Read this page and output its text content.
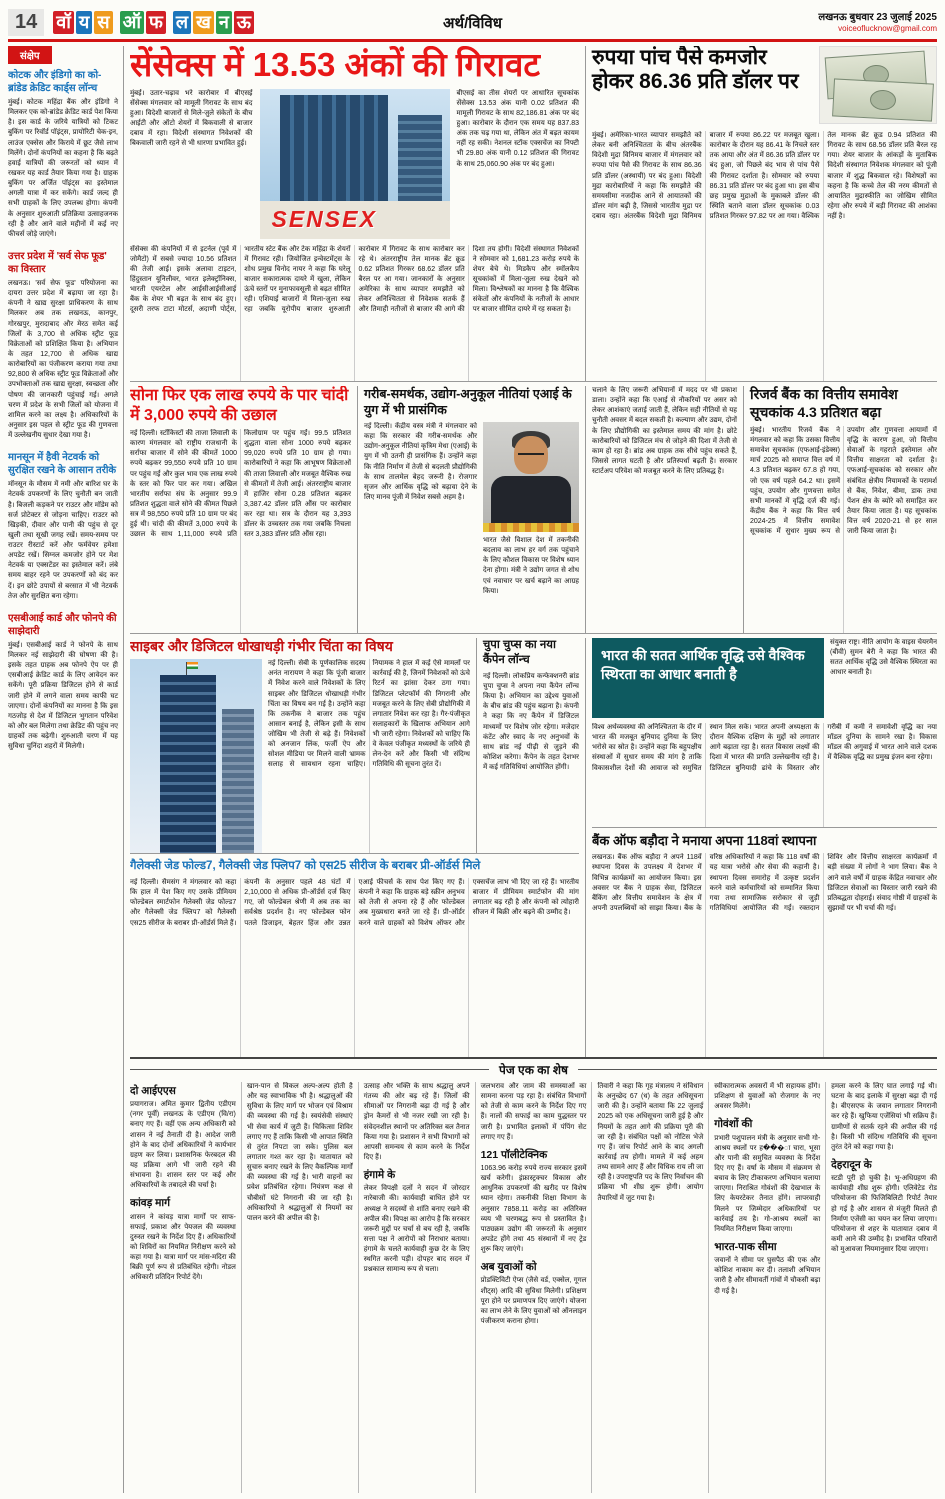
14	वॉ य स
ऑ फ
ल ख न ऊ	अर्थ/विविध	लखनऊ बुधवार 23 जुलाई 2025
voiceoflucknow@gmail.com
संक्षेप
कोटक और इंडिगो का को-ब्रांडेड क्रेडिट कार्ड्स लॉन्च
मुंबई। कोटक महिंद्रा बैंक और इंडिगो ने मिलकर एक को-ब्रांडेड क्रेडिट कार्ड पेश किया है। इस कार्ड के जरिये यात्रियों को टिकट बुकिंग पर रिवॉर्ड पॉइंट्स, प्रायोरिटी चेक-इन, लाउंज एक्सेस और किराये में छूट जैसे लाभ मिलेंगे। दोनों कंपनियों का कहना है कि बढ़ते हवाई यात्रियों की जरूरतों को ध्यान में रखकर यह कार्ड तैयार किया गया है। ग्राहक बुकिंग पर अर्जित पॉइंट्स का इस्तेमाल अगली यात्रा में कर सकेंगे। कार्ड जल्द ही सभी ग्राहकों के लिए उपलब्ध होगा। कंपनी के अनुसार शुरुआती प्रतिक्रिया उत्साहजनक रही है और आने वाले महीनों में कई नए फीचर्स जोड़े जाएंगे।
उत्तर प्रदेश में 'सर्व सेफ फूड' का विस्तार
लखनऊ। 'सर्व सेफ फूड' परियोजना का दायरा उत्तर प्रदेश में बढ़ाया जा रहा है। कंपनी ने खाद्य सुरक्षा प्राधिकरण के साथ मिलकर अब तक लखनऊ, कानपुर, गोरखपुर, मुरादाबाद और मेरठ समेत कई जिलों के 3,700 से अधिक स्ट्रीट फूड विक्रेताओं को प्रशिक्षित किया है। अभियान के तहत 12,700 से अधिक खाद्य कारोबारियों का पंजीकरण कराया गया तथा 92,800 से अधिक स्ट्रीट फूड विक्रेताओं और उपभोक्ताओं तक खाद्य सुरक्षा, स्वच्छता और पोषण की जानकारी पहुंचाई गई। अगले चरण में प्रदेश के सभी जिलों को योजना में शामिल करने का लक्ष्य है। अधिकारियों के अनुसार इस पहल से स्ट्रीट फूड की गुणवत्ता में उल्लेखनीय सुधार देखा गया है।
मानसून में हैवी नेटवर्क को सुरक्षित रखने के आसान तरीके
मॉनसून के मौसम में नमी और बारिश घर के नेटवर्क उपकरणों के लिए चुनौती बन जाती है। बिजली कड़कने पर राउटर और मॉडेम को सर्ज प्रोटेक्टर से जोड़ना चाहिए। राउटर को खिड़की, दीवार और पानी की पहुंच से दूर खुली तथा सूखी जगह रखें। समय-समय पर राउटर रीस्टार्ट करें और फर्मवेयर हमेशा अपडेट रखें। सिग्नल कमजोर होने पर मेश नेटवर्क या एक्सटेंडर का इस्तेमाल करें। लंबे समय बाहर रहने पर उपकरणों को बंद कर दें। इन छोटे उपायों से बरसात में भी नेटवर्क तेज और सुरक्षित बना रहेगा।
एसबीआई कार्ड और फोनपे की साझेदारी
मुंबई। एसबीआई कार्ड ने फोनपे के साथ मिलकर नई साझेदारी की घोषणा की है। इसके तहत ग्राहक अब फोनपे ऐप पर ही एसबीआई क्रेडिट कार्ड के लिए आवेदन कर सकेंगे। पूरी प्रक्रिया डिजिटल होने से कार्ड जारी होने में लगने वाला समय काफी घट जाएगा। दोनों कंपनियों का मानना है कि इस गठजोड़ से देश में डिजिटल भुगतान परिवेश को और बल मिलेगा तथा क्रेडिट की पहुंच नए ग्राहकों तक बढ़ेगी। शुरुआती चरण में यह सुविधा चुनिंदा शहरों में मिलेगी।
सेंसेक्स में 13.53 अंकों की गिरावट
मुंबई। उतार-चढ़ाव भरे कारोबार में बीएसई सेंसेक्स मंगलवार को मामूली गिरावट के साथ बंद हुआ। विदेशी बाजारों से मिले-जुले संकेतों के बीच आईटी और ऑटो शेयरों में बिकवाली से बाजार दबाव में रहा। विदेशी संस्थागत निवेशकों की बिकवाली जारी रहने से भी धारणा प्रभावित हुई।
SENSEX
बीएसई का तीस शेयरों पर आधारित सूचकांक सेंसेक्स 13.53 अंक यानी 0.02 प्रतिशत की मामूली गिरावट के साथ 82,186.81 अंक पर बंद हुआ। कारोबार के दौरान एक समय यह 837.83 अंक तक चढ़ गया था, लेकिन अंत में बढ़त कायम नहीं रह सकी। नेशनल स्टॉक एक्सचेंज का निफ्टी भी 29.80 अंक यानी 0.12 प्रतिशत की गिरावट के साथ 25,060.90 अंक पर बंद हुआ।
सेंसेक्स की कंपनियों में से इटर्नल (पूर्व में जोमैटो) में सबसे ज्यादा 10.56 प्रतिशत की तेजी आई। इसके अलावा टाइटन, हिंदुस्तान यूनिलीवर, भारत इलेक्ट्रॉनिक्स, भारती एयरटेल और आईसीआईसीआई बैंक के शेयर भी बढ़त के साथ बंद हुए। दूसरी तरफ टाटा मोटर्स, अदाणी पोर्ट्स, भारतीय स्टेट बैंक और टेक महिंद्रा के शेयरों में गिरावट रही। जियोजित इन्वेस्टमेंट्स के शोध प्रमुख विनोद नायर ने कहा कि घरेलू बाजार सकारात्मक दायरे में खुला, लेकिन ऊंचे स्तरों पर मुनाफावसूली से बढ़त सीमित रही। एशियाई बाजारों में मिला-जुला रुख रहा जबकि यूरोपीय बाजार शुरुआती कारोबार में गिरावट के साथ कारोबार कर रहे थे। अंतरराष्ट्रीय तेल मानक ब्रेंट क्रूड 0.62 प्रतिशत गिरकर 68.62 डॉलर प्रति बैरल पर आ गया। जानकारों के अनुसार अमेरिका के साथ व्यापार समझौते को लेकर अनिश्चितता से निवेशक सतर्क हैं और तिमाही नतीजों से बाजार की आगे की दिशा तय होगी। विदेशी संस्थागत निवेशकों ने सोमवार को 1,681.23 करोड़ रुपये के शेयर बेचे थे। मिडकैप और स्मॉलकैप सूचकांकों में मिला-जुला रुख देखने को मिला। विश्लेषकों का मानना है कि वैश्विक संकेतों और कंपनियों के नतीजों के आधार पर बाजार सीमित दायरे में रह सकता है।
रुपया पांच पैसे कमजोर होकर 86.36 प्रति डॉलर पर
मुंबई। अमेरिका-भारत व्यापार समझौते को लेकर बनी अनिश्चितता के बीच अंतरबैंक विदेशी मुद्रा विनिमय बाजार में मंगलवार को रुपया पांच पैसे की गिरावट के साथ 86.36 प्रति डॉलर (अस्थायी) पर बंद हुआ। विदेशी मुद्रा कारोबारियों ने कहा कि समझौते की समयसीमा नजदीक आने से आयातकों की डॉलर मांग बढ़ी है, जिससे भारतीय मुद्रा पर दबाव रहा। अंतरबैंक विदेशी मुद्रा विनिमय बाजार में रुपया 86.22 पर मजबूत खुला। कारोबार के दौरान यह 86.41 के निचले स्तर तक आया और अंत में 86.36 प्रति डॉलर पर बंद हुआ, जो पिछले बंद भाव से पांच पैसे की गिरावट दर्शाता है। सोमवार को रुपया 86.31 प्रति डॉलर पर बंद हुआ था। इस बीच छह प्रमुख मुद्राओं के मुकाबले डॉलर की स्थिति बताने वाला डॉलर सूचकांक 0.03 प्रतिशत गिरकर 97.82 पर आ गया। वैश्विक तेल मानक ब्रेंट क्रूड 0.94 प्रतिशत की गिरावट के साथ 68.56 डॉलर प्रति बैरल रह गया। शेयर बाजार के आंकड़ों के मुताबिक विदेशी संस्थागत निवेशक मंगलवार को पूंजी बाजार में शुद्ध बिकवाल रहे। विशेषज्ञों का कहना है कि कच्चे तेल की नरम कीमतों से आयातित मुद्रास्फीति का जोखिम सीमित रहेगा और रुपये में बड़ी गिरावट की आशंका नहीं है।
सोना फिर एक लाख रुपये के पार चांदी में 3,000 रुपये की उछाल
नई दिल्ली। स्टॉकिस्टों की ताजा लिवाली के कारण मंगलवार को राष्ट्रीय राजधानी के सर्राफा बाजार में सोने की कीमतें 1000 रुपये बढ़कर 99,550 रुपये प्रति 10 ग्राम पर पहुंच गईं और कुल भाव एक लाख रुपये के स्तर को फिर पार कर गया। अखिल भारतीय सर्राफा संघ के अनुसार 99.9 प्रतिशत शुद्धता वाले सोने की कीमत पिछले सत्र में 98,550 रुपये प्रति 10 ग्राम पर बंद हुई थी। चांदी की कीमतें 3,000 रुपये के उछाल के साथ 1,11,000 रुपये प्रति किलोग्राम पर पहुंच गईं। 99.5 प्रतिशत शुद्धता वाला सोना 1000 रुपये बढ़कर 99,020 रुपये प्रति 10 ग्राम हो गया। कारोबारियों ने कहा कि आभूषण विक्रेताओं की ताजा लिवाली और मजबूत वैश्विक रुख से कीमतों में तेजी आई। अंतरराष्ट्रीय बाजार में हाजिर सोना 0.28 प्रतिशत बढ़कर 3,387.42 डॉलर प्रति औंस पर कारोबार कर रहा था। सत्र के दौरान यह 3,393 डॉलर के उच्चस्तर तक गया जबकि निचला स्तर 3,383 डॉलर प्रति औंस रहा।
गरीब-समर्थक, उद्योग-अनुकूल नीतियां एआई के युग में भी प्रासंगिक
नई दिल्ली। केंद्रीय वस्त्र मंत्री ने मंगलवार को कहा कि सरकार की गरीब-समर्थक और उद्योग-अनुकूल नीतियां कृत्रिम मेधा (एआई) के युग में भी उतनी ही प्रासंगिक हैं। उन्होंने कहा कि नीति निर्माण में तेजी से बदलती प्रौद्योगिकी के साथ तालमेल बेहद जरूरी है। रोजगार सृजन और आर्थिक वृद्धि को बढ़ावा देने के लिए मानव पूंजी में निवेश सबसे अहम है।
भारत जैसे विशाल देश में तकनीकी बदलाव का लाभ हर वर्ग तक पहुंचाने के लिए कौशल विकास पर विशेष ध्यान देना होगा। मंत्री ने उद्योग जगत से शोध एवं नवाचार पर खर्च बढ़ाने का आग्रह किया।
चलाने के लिए जरूरी अभियानों में मदद पर भी प्रकाश डाला। उन्होंने कहा कि एआई से नौकरियों पर असर को लेकर आशंकाएं जताई जाती हैं, लेकिन सही नीतियों से यह चुनौती अवसर में बदल सकती है। कल्याण और उद्यम, दोनों के लिए प्रौद्योगिकी का इस्तेमाल समय की मांग है। छोटे कारोबारियों को डिजिटल मंच से जोड़ने की दिशा में तेजी से काम हो रहा है। ब्रांड अब ग्राहक तक सीधे पहुंच सकते हैं, जिससे लागत घटती है और प्रतिस्पर्धा बढ़ती है। सरकार स्टार्टअप परिवेश को मजबूत करने के लिए प्रतिबद्ध है।
रिजर्व बैंक का वित्तीय समावेश सूचकांक 4.3 प्रतिशत बढ़ा
मुंबई। भारतीय रिजर्व बैंक ने मंगलवार को कहा कि उसका वित्तीय समावेश सूचकांक (एफआई-इंडेक्स) मार्च 2025 को समाप्त वित्त वर्ष में 4.3 प्रतिशत बढ़कर 67.8 हो गया, जो एक वर्ष पहले 64.2 था। इसमें पहुंच, उपयोग और गुणवत्ता समेत सभी मानकों में वृद्धि दर्ज की गई। केंद्रीय बैंक ने कहा कि वित्त वर्ष 2024-25 में वित्तीय समावेश सूचकांक में सुधार मुख्य रूप से उपयोग और गुणवत्ता आयामों में वृद्धि के कारण हुआ, जो वित्तीय सेवाओं के गहराते इस्तेमाल और वित्तीय साक्षरता को दर्शाता है। एफआई-सूचकांक को सरकार और संबंधित क्षेत्रीय नियामकों के परामर्श से बैंक, निवेश, बीमा, डाक तथा पेंशन क्षेत्र के ब्योरे को समाहित कर तैयार किया जाता है। यह सूचकांक वित्त वर्ष 2020-21 से हर साल जारी किया जाता है।
साइबर और डिजिटल धोखाधड़ी गंभीर चिंता का विषय
नई दिल्ली। सेबी के पूर्णकालिक सदस्य अनंत नारायण ने कहा कि पूंजी बाजार में निवेश करने वाले निवेशकों के लिए साइबर और डिजिटल धोखाधड़ी गंभीर चिंता का विषय बन गई है। उन्होंने कहा कि तकनीक ने बाजार तक पहुंच आसान बनाई है, लेकिन इसी के साथ जोखिम भी तेजी से बढ़े हैं। निवेशकों को अनजान लिंक, फर्जी ऐप और सोशल मीडिया पर मिलने वाली भ्रामक सलाह से सावधान रहना चाहिए। नियामक ने हाल में कई ऐसे मामलों पर कार्रवाई की है, जिनमें निवेशकों को ऊंचे रिटर्न का झांसा देकर ठगा गया। डिजिटल प्लेटफॉर्म की निगरानी और मजबूत करने के लिए सेबी प्रौद्योगिकी में लगातार निवेश कर रहा है। गैर-पंजीकृत सलाहकारों के खिलाफ अभियान आगे भी जारी रहेगा। निवेशकों को चाहिए कि वे केवल पंजीकृत मध्यस्थों के जरिये ही लेन-देन करें और किसी भी संदिग्ध गतिविधि की सूचना तुरंत दें।
चुपा चुप्स का नया कैंपेन लॉन्च
नई दिल्ली। लोकप्रिय कन्फेक्शनरी ब्रांड चुपा चुप्स ने अपना नया कैंपेन लॉन्च किया है। अभियान का उद्देश्य युवाओं के बीच ब्रांड की पहुंच बढ़ाना है। कंपनी ने कहा कि नए कैंपेन में डिजिटल माध्यमों पर विशेष जोर रहेगा। मजेदार कंटेंट और स्वाद के नए अनुभवों के साथ ब्रांड नई पीढ़ी से जुड़ने की कोशिश करेगा। कैंपेन के तहत देशभर में कई गतिविधियां आयोजित होंगी।
गैलेक्सी जेड फोल्ड7, गैलेक्सी जेड फ्लिप7 को एस25 सीरीज के बराबर प्री-ऑर्डर्स मिले
नई दिल्ली। सैमसंग ने मंगलवार को कहा कि हाल में पेश किए गए उसके प्रीमियम फोल्डेबल स्मार्टफोन गैलेक्सी जेड फोल्ड7 और गैलेक्सी जेड फ्लिप7 को गैलेक्सी एस25 सीरीज के बराबर प्री-ऑर्डर्स मिले हैं। कंपनी के अनुसार पहले 48 घंटों में 2,10,000 से अधिक प्री-ऑर्डर्स दर्ज किए गए, जो फोल्डेबल श्रेणी में अब तक का सर्वश्रेष्ठ प्रदर्शन है। नए फोल्डेबल फोन पतले डिजाइन, बेहतर हिंज और उन्नत एआई फीचर्स के साथ पेश किए गए हैं। कंपनी ने कहा कि ग्राहक बड़े स्क्रीन अनुभव को तेजी से अपना रहे हैं और फोल्डेबल अब मुख्यधारा बनते जा रहे हैं। प्री-ऑर्डर करने वाले ग्राहकों को विशेष ऑफर और एक्सचेंज लाभ भी दिए जा रहे हैं। भारतीय बाजार में प्रीमियम स्मार्टफोन की मांग लगातार बढ़ रही है और कंपनी को त्योहारी सीजन में बिक्री और बढ़ने की उम्मीद है।
भारत की सतत आर्थिक वृद्धि उसे वैश्विक स्थिरता का आधार बनाती है
संयुक्त राष्ट्र। नीति आयोग के वाइस चेयरमैन (बीवी) सुमन बेरी ने कहा कि भारत की सतत आर्थिक वृद्धि उसे वैश्विक स्थिरता का आधार बनाती है।
विश्व अर्थव्यवस्था की अनिश्चितता के दौर में भारत की मजबूत बुनियाद दुनिया के लिए भरोसे का स्रोत है। उन्होंने कहा कि बहुपक्षीय संस्थाओं में सुधार समय की मांग है ताकि विकासशील देशों की आवाज को समुचित स्थान मिल सके। भारत अपनी अध्यक्षता के दौरान वैश्विक दक्षिण के मुद्दों को लगातार आगे बढ़ाता रहा है। सतत विकास लक्ष्यों की दिशा में भारत की प्रगति उल्लेखनीय रही है। डिजिटल बुनियादी ढांचे के विस्तार और गरीबी में कमी ने समावेशी वृद्धि का नया मॉडल दुनिया के सामने रखा है। विकास मॉडल की अगुवाई में भारत आने वाले दशक में वैश्विक वृद्धि का प्रमुख इंजन बना रहेगा।
बैंक ऑफ बड़ौदा ने मनाया अपना 118वां स्थापना
लखनऊ। बैंक ऑफ बड़ौदा ने अपने 118वें स्थापना दिवस के उपलक्ष्य में देशभर में विभिन्न कार्यक्रमों का आयोजन किया। इस अवसर पर बैंक ने ग्राहक सेवा, डिजिटल बैंकिंग और वित्तीय समावेशन के क्षेत्र में अपनी उपलब्धियों को साझा किया। बैंक के वरिष्ठ अधिकारियों ने कहा कि 118 वर्षों की यह यात्रा भरोसे और सेवा की कहानी है। स्थापना दिवस समारोह में उत्कृष्ट प्रदर्शन करने वाले कर्मचारियों को सम्मानित किया गया तथा सामाजिक सरोकार से जुड़ी गतिविधियां आयोजित की गईं। रक्तदान शिविर और वित्तीय साक्षरता कार्यक्रमों में बड़ी संख्या में लोगों ने भाग लिया। बैंक ने आने वाले वर्षों में ग्राहक केंद्रित नवाचार और डिजिटल सेवाओं का विस्तार जारी रखने की प्रतिबद्धता दोहराई। संवाद गोष्ठी में ग्राहकों के सुझावों पर भी चर्चा की गई।
पेज एक का शेष
दो आईएएस
प्रयागराज। अमित कुमार द्वितीय एडीएम (नगर पूर्वी) लखनऊ के एडीएम (वि/रा) बनाए गए हैं। वहीं एक अन्य अधिकारी को शासन ने नई तैनाती दी है। आदेश जारी होने के बाद दोनों अधिकारियों ने कार्यभार ग्रहण कर लिया। प्रशासनिक फेरबदल की यह प्रक्रिया आगे भी जारी रहने की संभावना है। शासन स्तर पर कई और अधिकारियों के तबादले की चर्चा है।
कांवड़ मार्ग
शासन ने कांवड़ यात्रा मार्गों पर साफ-सफाई, प्रकाश और पेयजल की व्यवस्था दुरुस्त रखने के निर्देश दिए हैं। अधिकारियों को शिविरों का नियमित निरीक्षण करने को कहा गया है। यात्रा मार्ग पर मांस-मदिरा की बिक्री पूर्ण रूप से प्रतिबंधित रहेगी। नोडल अधिकारी प्रतिदिन रिपोर्ट देंगे।
खान-पान से विकल अल्प-अल्प होती है और यह स्वाभाविक भी है। श्रद्धालुओं की सुविधा के लिए मार्ग पर भोजन एवं विश्राम की व्यवस्था की गई है। स्वयंसेवी संस्थाएं भी सेवा कार्य में जुटी हैं। चिकित्सा शिविर लगाए गए हैं ताकि किसी भी आपात स्थिति से तुरंत निपटा जा सके। पुलिस बल लगातार गश्त कर रहा है। यातायात को सुचारु बनाए रखने के लिए वैकल्पिक मार्गों की व्यवस्था की गई है। भारी वाहनों का प्रवेश प्रतिबंधित रहेगा। नियंत्रण कक्ष से चौबीसों घंटे निगरानी की जा रही है। अधिकारियों ने श्रद्धालुओं से नियमों का पालन करने की अपील की है।
उत्साह और भक्ति के साथ श्रद्धालु अपने गंतव्य की ओर बढ़ रहे हैं। जिलों की सीमाओं पर निगरानी बढ़ा दी गई है और ड्रोन कैमरों से भी नजर रखी जा रही है। संवेदनशील स्थानों पर अतिरिक्त बल तैनात किया गया है। प्रशासन ने सभी विभागों को आपसी समन्वय से काम करने के निर्देश दिए हैं।
हंगामे के
लेकर विपक्षी दलों ने सदन में जोरदार नारेबाजी की। कार्यवाही बाधित होने पर अध्यक्ष ने सदस्यों से शांति बनाए रखने की अपील की। विपक्ष का आरोप है कि सरकार जरूरी मुद्दों पर चर्चा से बच रही है, जबकि सत्ता पक्ष ने आरोपों को निराधार बताया। हंगामे के चलते कार्यवाही कुछ देर के लिए स्थगित करनी पड़ी। दोपहर बाद सदन में प्रश्नकाल सामान्य रूप से चला।
जलभराव और जाम की समस्याओं का सामना करना पड़ रहा है। संबंधित विभागों को तेजी से काम करने के निर्देश दिए गए हैं। नालों की सफाई का काम युद्धस्तर पर जारी है। प्रभावित इलाकों में पंपिंग सेट लगाए गए हैं।
121 पॉलीटेक्निक
1063.96 करोड़ रुपये राज्य सरकार इसमें खर्च करेगी। इंफ्रास्ट्रक्चर विकास और आधुनिक उपकरणों की खरीद पर विशेष ध्यान रहेगा। तकनीकी शिक्षा विभाग के अनुसार 7858.11 करोड़ का अतिरिक्त व्यय भी चरणबद्ध रूप से प्रस्तावित है। पाठ्यक्रम उद्योग की जरूरतों के अनुसार अपडेट होंगे तथा 45 संस्थानों में नए ट्रेड शुरू किए जाएंगे।
अब युवाओं को
प्रोडक्टिविटी ऐप्स (जैसे वर्ड, एक्सेल, गूगल शीट्स) आदि की सुविधा मिलेगी। प्रशिक्षण पूरा होने पर प्रमाणपत्र दिए जाएंगे। योजना का लाभ लेने के लिए युवाओं को ऑनलाइन पंजीकरण कराना होगा।
तिवारी ने कहा कि गृह मंत्रालय ने संविधान के अनुच्छेद 67 (ध) के तहत अधिसूचना जारी की है। उन्होंने बताया कि 22 जुलाई 2025 को एक अधिसूचना जारी हुई है और नियमों के तहत आगे की प्रक्रिया पूरी की जा रही है। संबंधित पक्षों को नोटिस भेजे गए हैं। जांच रिपोर्ट आने के बाद अगली कार्रवाई तय होगी। मामले में कई अहम तथ्य सामने आए हैं और विधिक राय ली जा रही है। उपराष्ट्रपति पद के लिए निर्वाचन की प्रक्रिया भी शीघ्र शुरू होगी। आयोग तैयारियों में जुट गया है।
स्वीकारात्मक अवसरों में भी सहायक होंगे। प्रशिक्षण से युवाओं को रोजगार के नए अवसर मिलेंगे।
गोवंशों की
प्रभारी पशुपालन मंत्री के अनुसार सभी गो-आश्रय स्थलों पर ह���ा चारा, भूसा और पानी की समुचित व्यवस्था के निर्देश दिए गए हैं। वर्षा के मौसम में संक्रमण से बचाव के लिए टीकाकरण अभियान चलाया जाएगा। निराश्रित गोवंशों की देखभाल के लिए केयरटेकर तैनात होंगे। लापरवाही मिलने पर जिम्मेदार अधिकारियों पर कार्रवाई तय है। गो-आश्रय स्थलों का नियमित निरीक्षण किया जाएगा।
भारत-पाक सीमा
जवानों ने सीमा पर घुसपैठ की एक और कोशिश नाकाम कर दी। तलाशी अभियान जारी है और सीमावर्ती गांवों में चौकसी बढ़ा दी गई है।
हमला करने के लिए घात लगाई गई थी। घटना के बाद इलाके में सुरक्षा बढ़ा दी गई है। बीएसएफ के जवान लगातार निगरानी कर रहे हैं। खुफिया एजेंसियां भी सक्रिय हैं। ग्रामीणों से सतर्क रहने की अपील की गई है। किसी भी संदिग्ध गतिविधि की सूचना तुरंत देने को कहा गया है।
देहरादून के
स्टडी पूरी हो चुकी है। भू-अधिग्रहण की कार्यवाही शीघ्र शुरू होगी। एलिवेटेड रोड परियोजना की फिजिबिलिटी रिपोर्ट तैयार हो गई है और शासन से मंजूरी मिलते ही निर्माण एजेंसी का चयन कर लिया जाएगा। परियोजना से शहर के यातायात दबाव में कमी आने की उम्मीद है। प्रभावित परिवारों को मुआवजा नियमानुसार दिया जाएगा।
